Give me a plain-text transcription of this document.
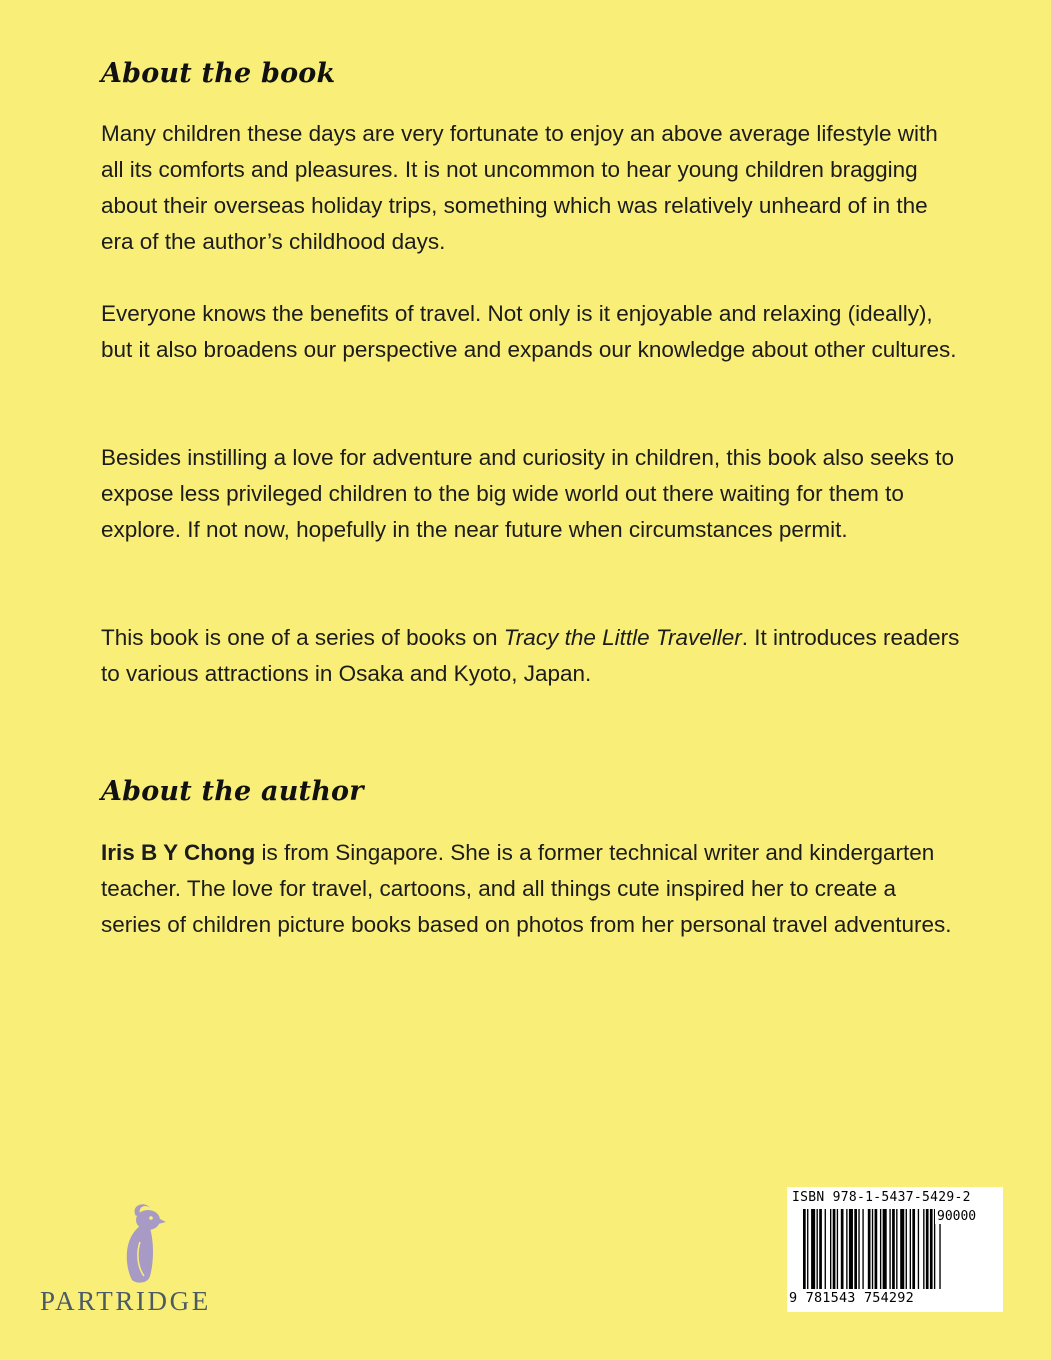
About the book

Many children these days are very fortunate to enjoy an above average lifestyle with all its comforts and pleasures. It is not uncommon to hear young children bragging about their overseas holiday trips, something which was relatively unheard of in the era of the author’s childhood days.

Everyone knows the benefits of travel. Not only is it enjoyable and relaxing (ideally), but it also broadens our perspective and expands our knowledge about other cultures.

Besides instilling a love for adventure and curiosity in children, this book also seeks to expose less privileged children to the big wide world out there waiting for them to explore. If not now, hopefully in the near future when circumstances permit.

This book is one of a series of books on Tracy the Little Traveller. It introduces readers to various attractions in Osaka and Kyoto, Japan.

About the author

Iris B Y Chong is from Singapore. She is a former technical writer and kindergarten teacher. The love for travel, cartoons, and all things cute inspired her to create a series of children picture books based on photos from her personal travel adventures.

PARTRIDGE
ISBN 978-1-5437-5429-2
90000
9 781543 754292
